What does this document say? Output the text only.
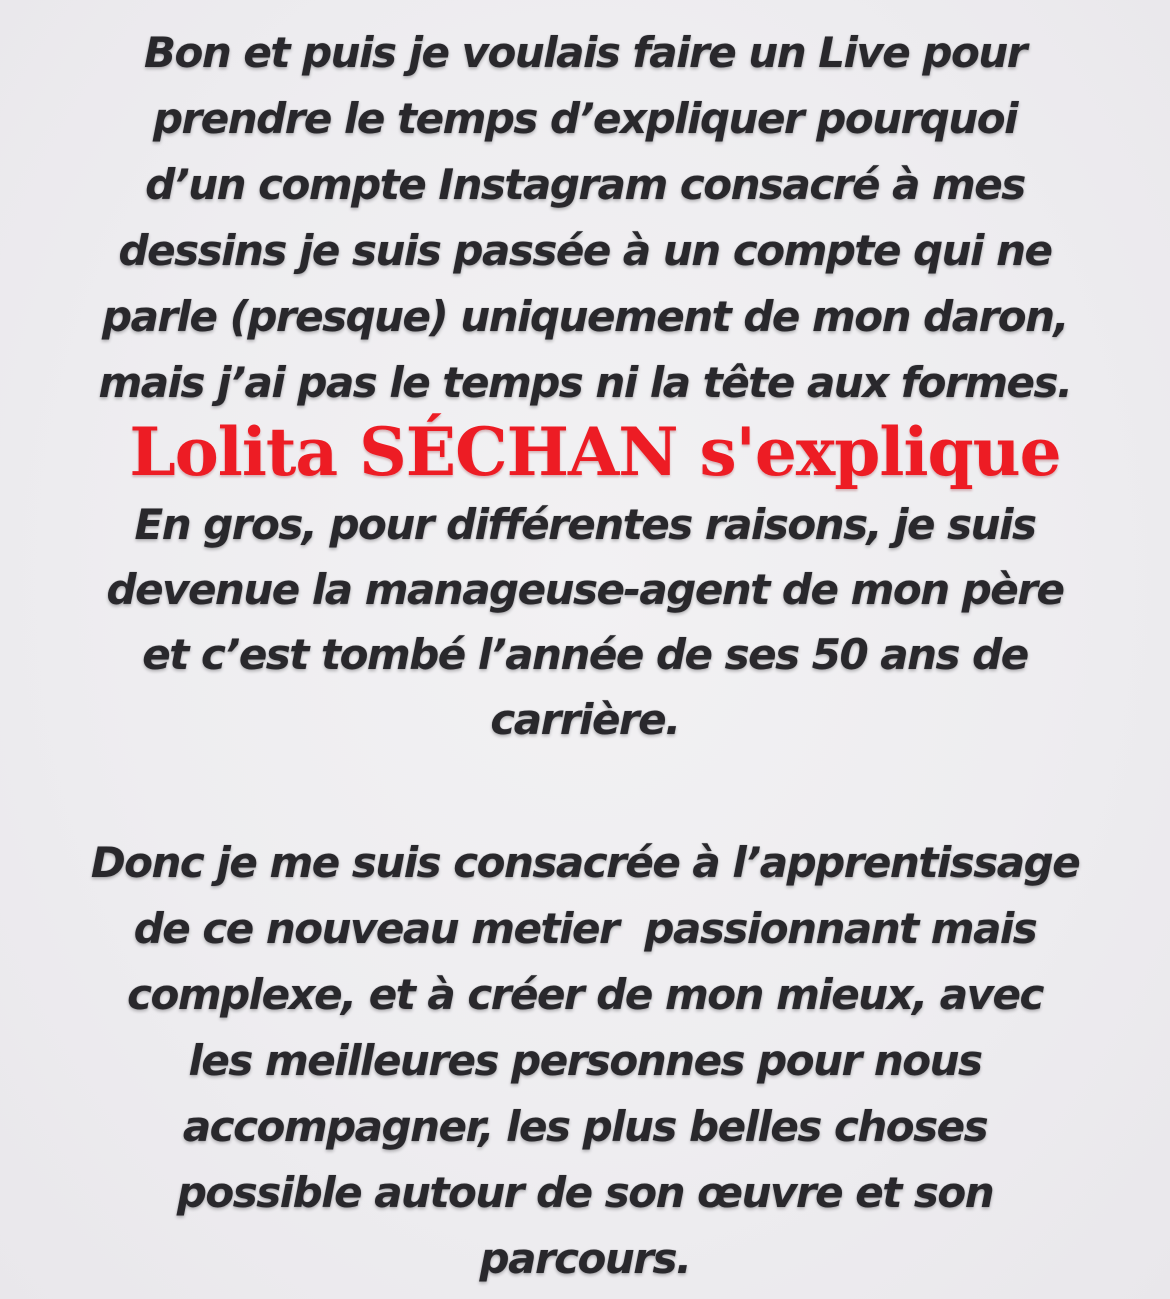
Bon et puis je voulais faire un Live pour
prendre le temps d’expliquer pourquoi
d’un compte Instagram consacré à mes
dessins je suis passée à un compte qui ne
parle (presque) uniquement de mon daron,
mais j’ai pas le temps ni la tête aux formes.
Lolita SÉCHAN s'explique
En gros, pour différentes raisons, je suis
devenue la manageuse-agent de mon père
et c’est tombé l’année de ses 50 ans de
carrière.
Donc je me suis consacrée à l’apprentissage
de ce nouveau metier  passionnant mais
complexe, et à créer de mon mieux, avec
les meilleures personnes pour nous
accompagner, les plus belles choses
possible autour de son œuvre et son
parcours.
